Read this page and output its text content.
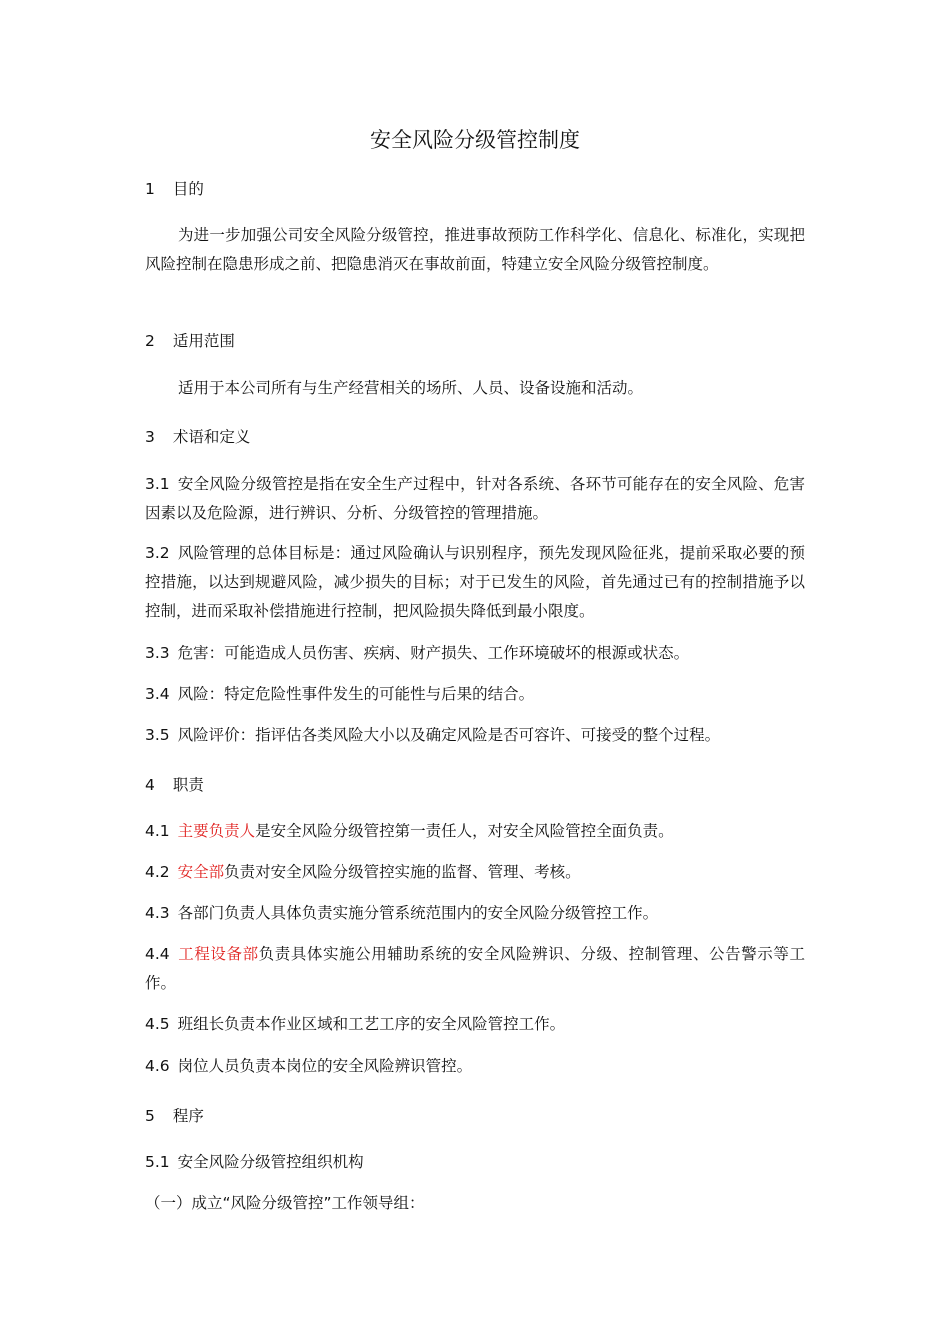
安全风险分级管控制度
1 目的
为进一步加强公司安全风险分级管控，推进事故预防工作科学化、信息化、标准化，实现把风险控制在隐患形成之前、把隐患消灭在事故前面，特建立安全风险分级管控制度。
2 适用范围
适用于本公司所有与生产经营相关的场所、人员、设备设施和活动。
3 术语和定义
3.1 安全风险分级管控是指在安全生产过程中，针对各系统、各环节可能存在的安全风险、危害因素以及危险源，进行辨识、分析、分级管控的管理措施。
3.2 风险管理的总体目标是：通过风险确认与识别程序，预先发现风险征兆，提前采取必要的预控措施，以达到规避风险，减少损失的目标；对于已发生的风险，首先通过已有的控制措施予以控制，进而采取补偿措施进行控制，把风险损失降低到最小限度。
3.3 危害：可能造成人员伤害、疾病、财产损失、工作环境破坏的根源或状态。
3.4 风险：特定危险性事件发生的可能性与后果的结合。
3.5 风险评价：指评估各类风险大小以及确定风险是否可容许、可接受的整个过程。
4 职责
4.1 主要负责人是安全风险分级管控第一责任人，对安全风险管控全面负责。
4.2 安全部负责对安全风险分级管控实施的监督、管理、考核。
4.3 各部门负责人具体负责实施分管系统范围内的安全风险分级管控工作。
4.4 工程设备部负责具体实施公用辅助系统的安全风险辨识、分级、控制管理、公告警示等工作。
4.5 班组长负责本作业区域和工艺工序的安全风险管控工作。
4.6 岗位人员负责本岗位的安全风险辨识管控。
5 程序
5.1 安全风险分级管控组织机构
（一）成立“风险分级管控”工作领导组：
